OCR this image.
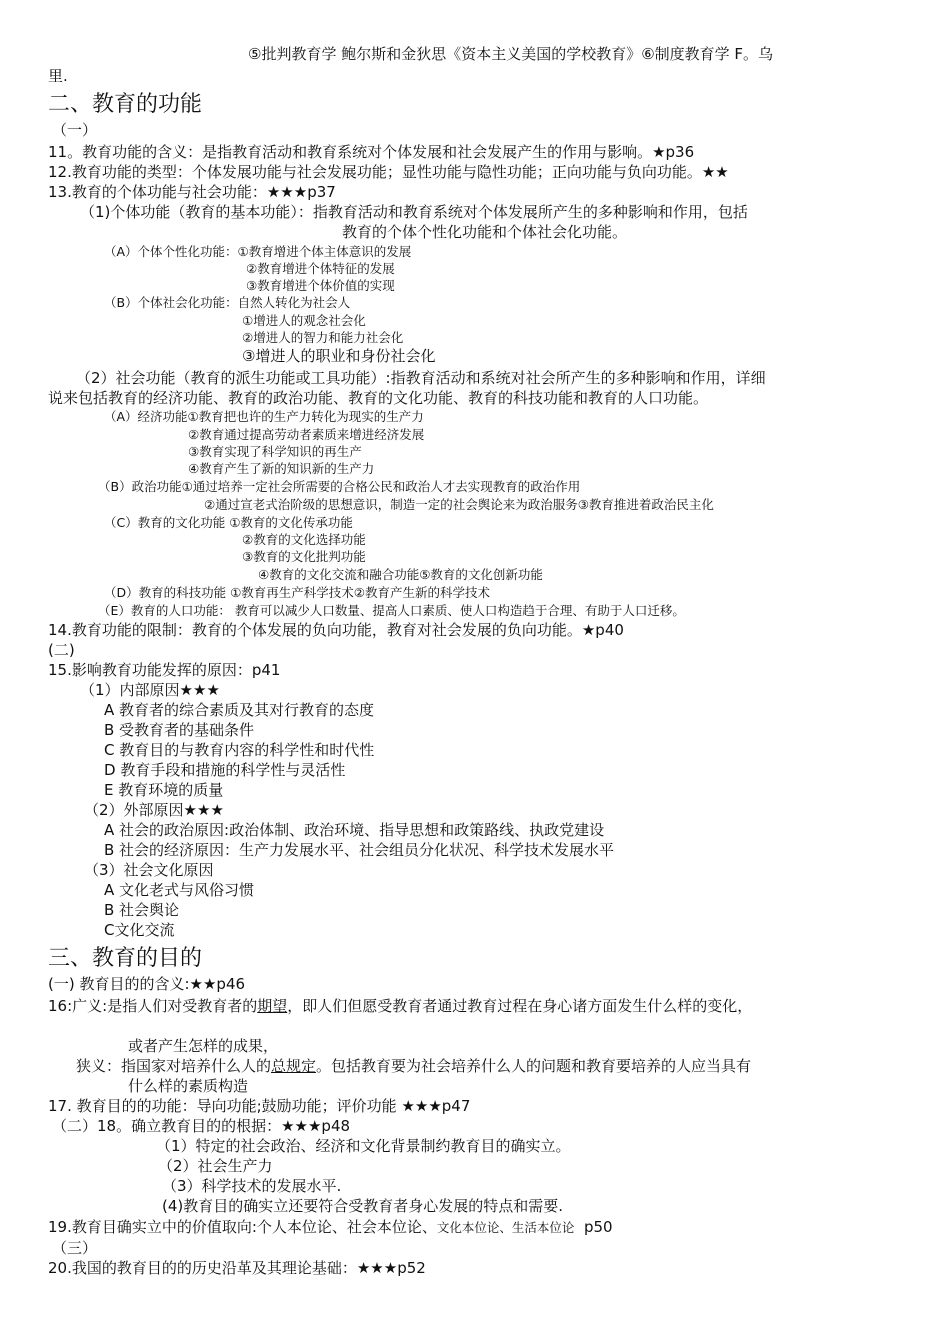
⑤批判教育学 鲍尔斯和金狄思《资本主义美国的学校教育》⑥制度教育学 F。乌
里.
二、教育的功能
（一）
11。教育功能的含义：是指教育活动和教育系统对个体发展和社会发展产生的作用与影响。★p36
12.教育功能的类型：个体发展功能与社会发展功能；显性功能与隐性功能；正向功能与负向功能。★★
13.教育的个体功能与社会功能：★★★p37
（1)个体功能（教育的基本功能）：指教育活动和教育系统对个体发展所产生的多种影响和作用，包括
教育的个体个性化功能和个体社会化功能。
（A）个体个性化功能：①教育增进个体主体意识的发展
②教育增进个体特征的发展
③教育增进个体价值的实现
（B）个体社会化功能：自然人转化为社会人
①增进人的观念社会化
②增进人的智力和能力社会化
③增进人的职业和身份社会化
（2）社会功能（教育的派生功能或工具功能）:指教育活动和系统对社会所产生的多种影响和作用，详细
说来包括教育的经济功能、教育的政治功能、教育的文化功能、教育的科技功能和教育的人口功能。
（A）经济功能①教育把也许的生产力转化为现实的生产力
②教育通过提高劳动者素质来增进经济发展
③教育实现了科学知识的再生产
④教育产生了新的知识新的生产力
（B）政治功能①通过培养一定社会所需要的合格公民和政治人才去实现教育的政治作用
②通过宣老式治阶级的思想意识，制造一定的社会舆论来为政治服务③教育推进着政治民主化
（C）教育的文化功能 ①教育的文化传承功能
②教育的文化选择功能
③教育的文化批判功能
④教育的文化交流和融合功能⑤教育的文化创新功能
（D）教育的科技功能 ①教育再生产科学技术②教育产生新的科学技术
（E）教育的人口功能： 教育可以减少人口数量、提高人口素质、使人口构造趋于合理、有助于人口迁移。
14.教育功能的限制：教育的个体发展的负向功能，教育对社会发展的负向功能。★p40
(二)
15.影响教育功能发挥的原因：p41
（1）内部原因★★★
A 教育者的综合素质及其对行教育的态度
B 受教育者的基础条件
C 教育目的与教育内容的科学性和时代性
D 教育手段和措施的科学性与灵活性
E 教育环境的质量
（2）外部原因★★★
A 社会的政治原因:政治体制、政治环境、指导思想和政策路线、执政党建设
B 社会的经济原因：生产力发展水平、社会组员分化状况、科学技术发展水平
（3）社会文化原因
A 文化老式与风俗习惯
B 社会舆论
C文化交流
三、教育的目的
(一) 教育目的的含义:★★p46
16:广义:是指人们对受教育者的期望，即人们但愿受教育者通过教育过程在身心诸方面发生什么样的变化，
或者产生怎样的成果，
狭义：指国家对培养什么人的总规定。包括教育要为社会培养什么人的问题和教育要培养的人应当具有
什么样的素质构造
17. 教育目的的功能：导向功能;鼓励功能；评价功能 ★★★p47
（二）18。确立教育目的的根据：★★★p48
（1）特定的社会政治、经济和文化背景制约教育目的确实立。
（2）社会生产力
（3）科学技术的发展水平.
(4)教育目的确实立还要符合受教育者身心发展的特点和需要.
19.教育目确实立中的价值取向:个人本位论、社会本位论、文化本位论、生活本位论  p50
（三）
20.我国的教育目的的历史沿革及其理论基础：★★★p52
